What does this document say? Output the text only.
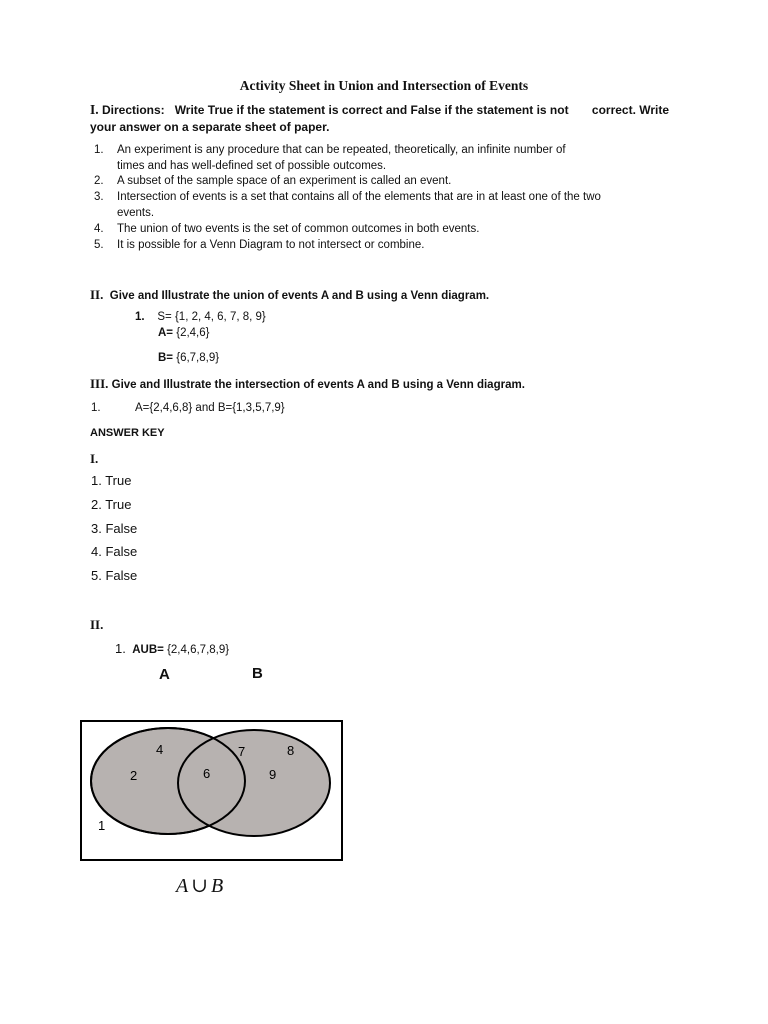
Activity Sheet in Union and Intersection of Events
I. Directions: Write True if the statement is correct and False if the statement is not correct. Write
your answer on a separate sheet of paper.
1. An experiment is any procedure that can be repeated, theoretically, an infinite number of
times and has well-defined set of possible outcomes.
2. A subset of the sample space of an experiment is called an event.
3. Intersection of events is a set that contains all of the elements that are in at least one of the two
events.
4. The union of two events is the set of common outcomes in both events.
5. It is possible for a Venn Diagram to not intersect or combine.
II. Give and Illustrate the union of events A and B using a Venn diagram.
1. S= {1, 2, 4, 6, 7, 8, 9}
A= {2,4,6}
B= {6,7,8,9}
III. Give and Illustrate the intersection of events A and B using a Venn diagram.
1.	A={2,4,6,8} and B={1,3,5,7,9}
ANSWER KEY
I.
1. True
2. True
3. False
4. False
5. False
II.
1. AUB= {2,4,6,7,8,9}
A	B
4
2	6
7	8
9
1
A ∪ B
